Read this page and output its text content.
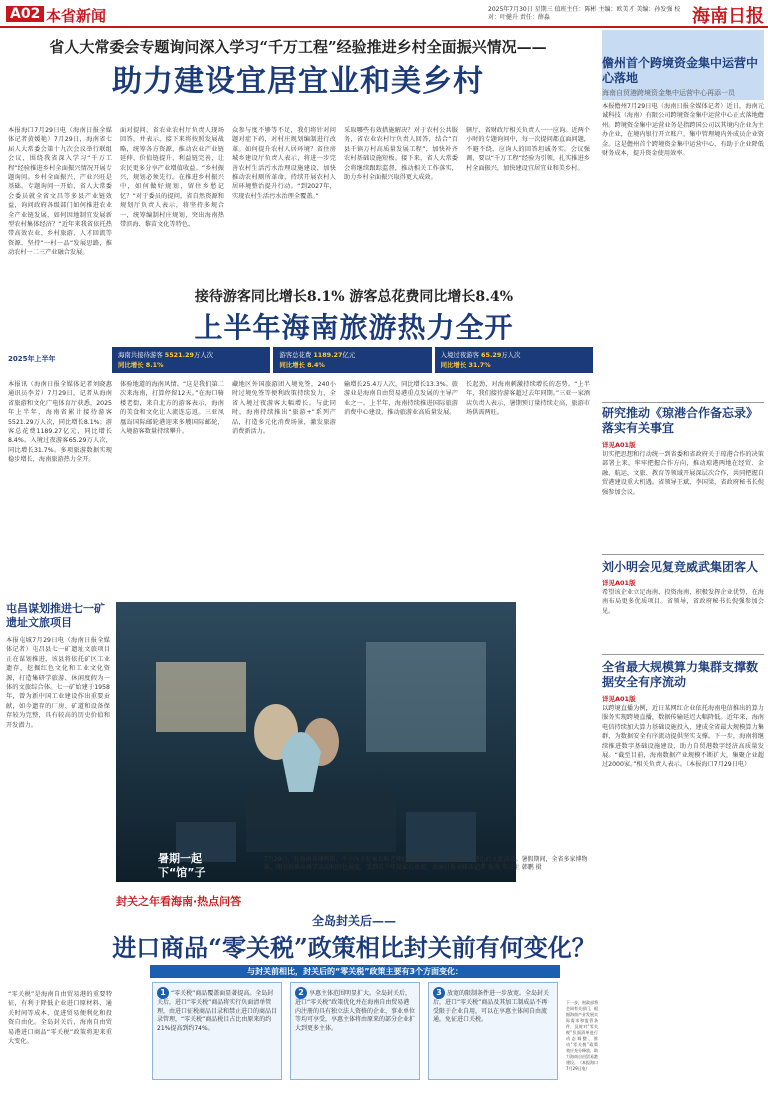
A02 本省新闻	2025年7月30日 星期三 值班主任：陈彬 主编：欧美才 美编：孙发强 校对：叶健升 责任：薛淼	海南日报
省人大常委会专题询问深入学习“千万工程”经验推进乡村全面振兴情况——
助力建设宜居宜业和美乡村
本报海口7月29日电（海南日报全媒体记者黄媛艳）7月29日，海南省七届人大常委会第十九次会议举行联组会议，围绕我省深入学习“千万工程”经验推进乡村全面振兴情况开展专题询问。乡村全面振兴，产业兴旺是基础。专题询问一开始，省人大常委会委员就全省文昌等多县产业链效益，询问政府各级部门如何推进农业全产业链发展，如何因地制宜发展新型农村集体经济？“近年来我省依托热带高效农业、乡村旅游、人才回流等资源，坚持“一村一品”发展思路，推动农村一二三产业融合发展。
面对提问，省农业农村厅负责人现场回答，并表示，接下来将按照发展战略，统筹各方资源，推动农业产业链延伸、价值链提升、利益链完善，让农民更多分享产业增值收益。“乡村振兴，规划必须先行。在推进乡村振兴中，如何做好规划，留住乡愁记忆？”对于委员的提问，省自然资源和规划厅负责人表示，将坚持多规合一，统筹编制村庄规划，突出海南热带滨海、黎苗文化等特色。
众参与度不够等不足，我们将针对问题对症下药，对村庄规划编制进行改革。如何提升农村人居环境？省住房城乡建设厅负责人表示，将进一步完善农村生活污水治理设施建设，加快推动农村厕所革命，持续开展农村人居环境整治提升行动。“到2027年，实现农村生活污水治理全覆盖。”
采取哪些有效措施解决？对于农村公共服务，省农业农村厅负责人回答，结合“百县千镇万村高质量发展工程”，加快补齐农村基础设施短板。接下来，省人大常委会将继续跟踪监督，推动相关工作落实，助力乡村全面振兴取得更大成效。
辖厅、省财政厅相关负责人一一应询。近两个小时的专题询问中，每一次提问都直面问题，不避不绕，应询人的回答坦诚务实。会议强调，要以“千万工程”经验为引领，扎实推进乡村全面振兴，加快建设宜居宜业和美乡村。
接待游客同比增长8.1% 游客总花费同比增长8.4%
上半年海南旅游热力全开
2025年上半年	海南共接待游客 5521.29万人次
同比增长 8.1%
游客总花费 1189.27亿元
同比增长 8.4%
入境过夜游客 65.29万人次
同比增长 31.7%
本报讯（海南日报全媒体记者刘晓惠 通讯员李芳）7月29日，记者从海南省旅游和文化广电体育厅获悉，2025年上半年，海南省累计接待游客5521.29万人次，同比增长8.1%；游客总花费1189.27亿元，同比增长8.4%。入境过夜游客65.29万人次，同比增长31.7%。多项旅游数据实现稳步增长，海南旅游热力全开。
体验地道的海南风情。“这是我们第二次来海南，打算停留12天。”在海口骑楼老街，来自北方的游客表示，海南的美食和文化让人流连忘返。三亚凤凰岛国际邮轮港迎来多艘国际邮轮，入境游客数量持续攀升。
藏地区外国旅游团入境免签，240小时过境免签等便利政策持续发力，全省入境过夜游客大幅增长。与此同时，海南持续推出“旅游+”系列产品，打造多元化消费场景，激发旅游消费新活力。
输增长25.4万人次，同比增长13.3%。旅游业是海南自由贸易港重点发展的主导产业之一。上半年，海南持续推进国际旅游消费中心建设，推动旅游业高质量发展。
长起劲，对海南刺激持续增长的态势。“上半年，我们接待游客超过去年同期。”三亚一家酒店负责人表示，暑期预订量持续走高，旅游市场供需两旺。
屯昌谋划推进七一矿遗址文旅项目
本报屯城7月29日电（海南日报全媒体记者）屯昌县七一矿遗址文旅项目正在谋划推进，该县将依托矿区工业遗存，挖掘红色文化和工业文化资源，打造集研学旅游、休闲度假为一体的文旅综合体。七一矿始建于1958年，曾为新中国工业建设作出重要贡献，如今遗存的厂房、矿道和设备保存较为完整，具有较高的历史价值和开发潜力。
暑期一起下“馆”子
7月29日，在海南省博物馆，不少孩子在家长和老师的陪同下观展，并体验各具特色的文旅活动。暑假期间，全省多家博物馆、图书馆推出研学活动和特色展览，受到青少年及家长欢迎。海南日报全媒体记者 张茂 实习生 韩鹏 摄
封关之年看海南·热点问答
全岛封关后——
进口商品“零关税”政策相比封关前有何变化？
“零关税”是海南自由贸易港的重要特征，有利于降低企业进口原材料、通关时间等成本，促进贸易便利化和投资自由化。全岛封关后，海南自由贸易港进口商品“零关税”政策将迎来重大变化。
与封关前相比，封关后的“零关税”政策主要有3个方面变化：
1 “零关税”商品覆盖面显著提高。全岛封关后，进口“零关税”商品将实行负面清单管理，由进口征税商品目录和禁止进口的商品目录管理，“零关税”商品税目占比由原来的约21%提高到约74%。
2 享惠主体范围明显扩大。全岛封关后，进口“零关税”政策优化并在海南自由贸易港内注册的具有独立法人资格的企业、事业单位等均可享受，享惠主体将由原来的部分企业扩大到更多主体。
3 放宽的限制条件进一步放宽。全岛封关后，进口“零关税”商品及其加工制成品不再受限于企业自用，可以在享惠主体间自由流通，免征进口关税。
下一步，财政部将会同有关部门，根据海南产业发展实际需求和监管条件，及时对“零关税”负面清单进行动态调整，推动“零关税”政策效应充分释放，助力海南自由贸易港建设。（本报海口7月29日电）
儋州首个跨境资金集中运营中心落地
海南自贸港跨境资金集中运营中心再添一员
本报儋州7月29日电（海南日报全媒体记者）近日，海南元诚科技（海南）有限公司跨境资金集中运营中心正式落地儋州。跨境资金集中运营业务是指跨国公司以其境内企业为主办企业，在境内银行开立账户，集中管理境内外成员企业资金。这是儋州首个跨境资金集中运营中心，有助于企业降低财务成本，提升资金使用效率。
研究推动《琼港合作备忘录》落实有关事宜
详见A01版
切实把思想和行动统一到省委和省政府关于琼港合作的决策部署上来，牢牢把握合作方向，推动琼港两地在经贸、金融、航运、文旅、教育等领域开展深层次合作，共同把握自贸港建设重大机遇。省领导王斌、李国梁，省政府秘书长倪强参加会议。
刘小明会见复竞威武集团客人
详见A01版
希望该企业立足海南、投资海南，积极发挥企业优势，在海南布局更多优质项目。省领导，省政府秘书长倪强参加会见。
全省最大规模算力集群支撑数据安全有序流动
详见A01版
以跨境直播为例，近日某网红企业依托海南电信推出的算力服务实现跨境直播，数据传输延迟大幅降低。近年来，海南电信持续加大算力基础设施投入，建成全省最大规模算力集群，为数据安全有序流动提供坚实支撑。下一步，海南将继续推进数字基础设施建设，助力自贸港数字经济高质量发展。“截至目前，海南数据产业规模不断扩大，集聚企业超过2000家。”相关负责人表示。（本报海口7月29日电）
